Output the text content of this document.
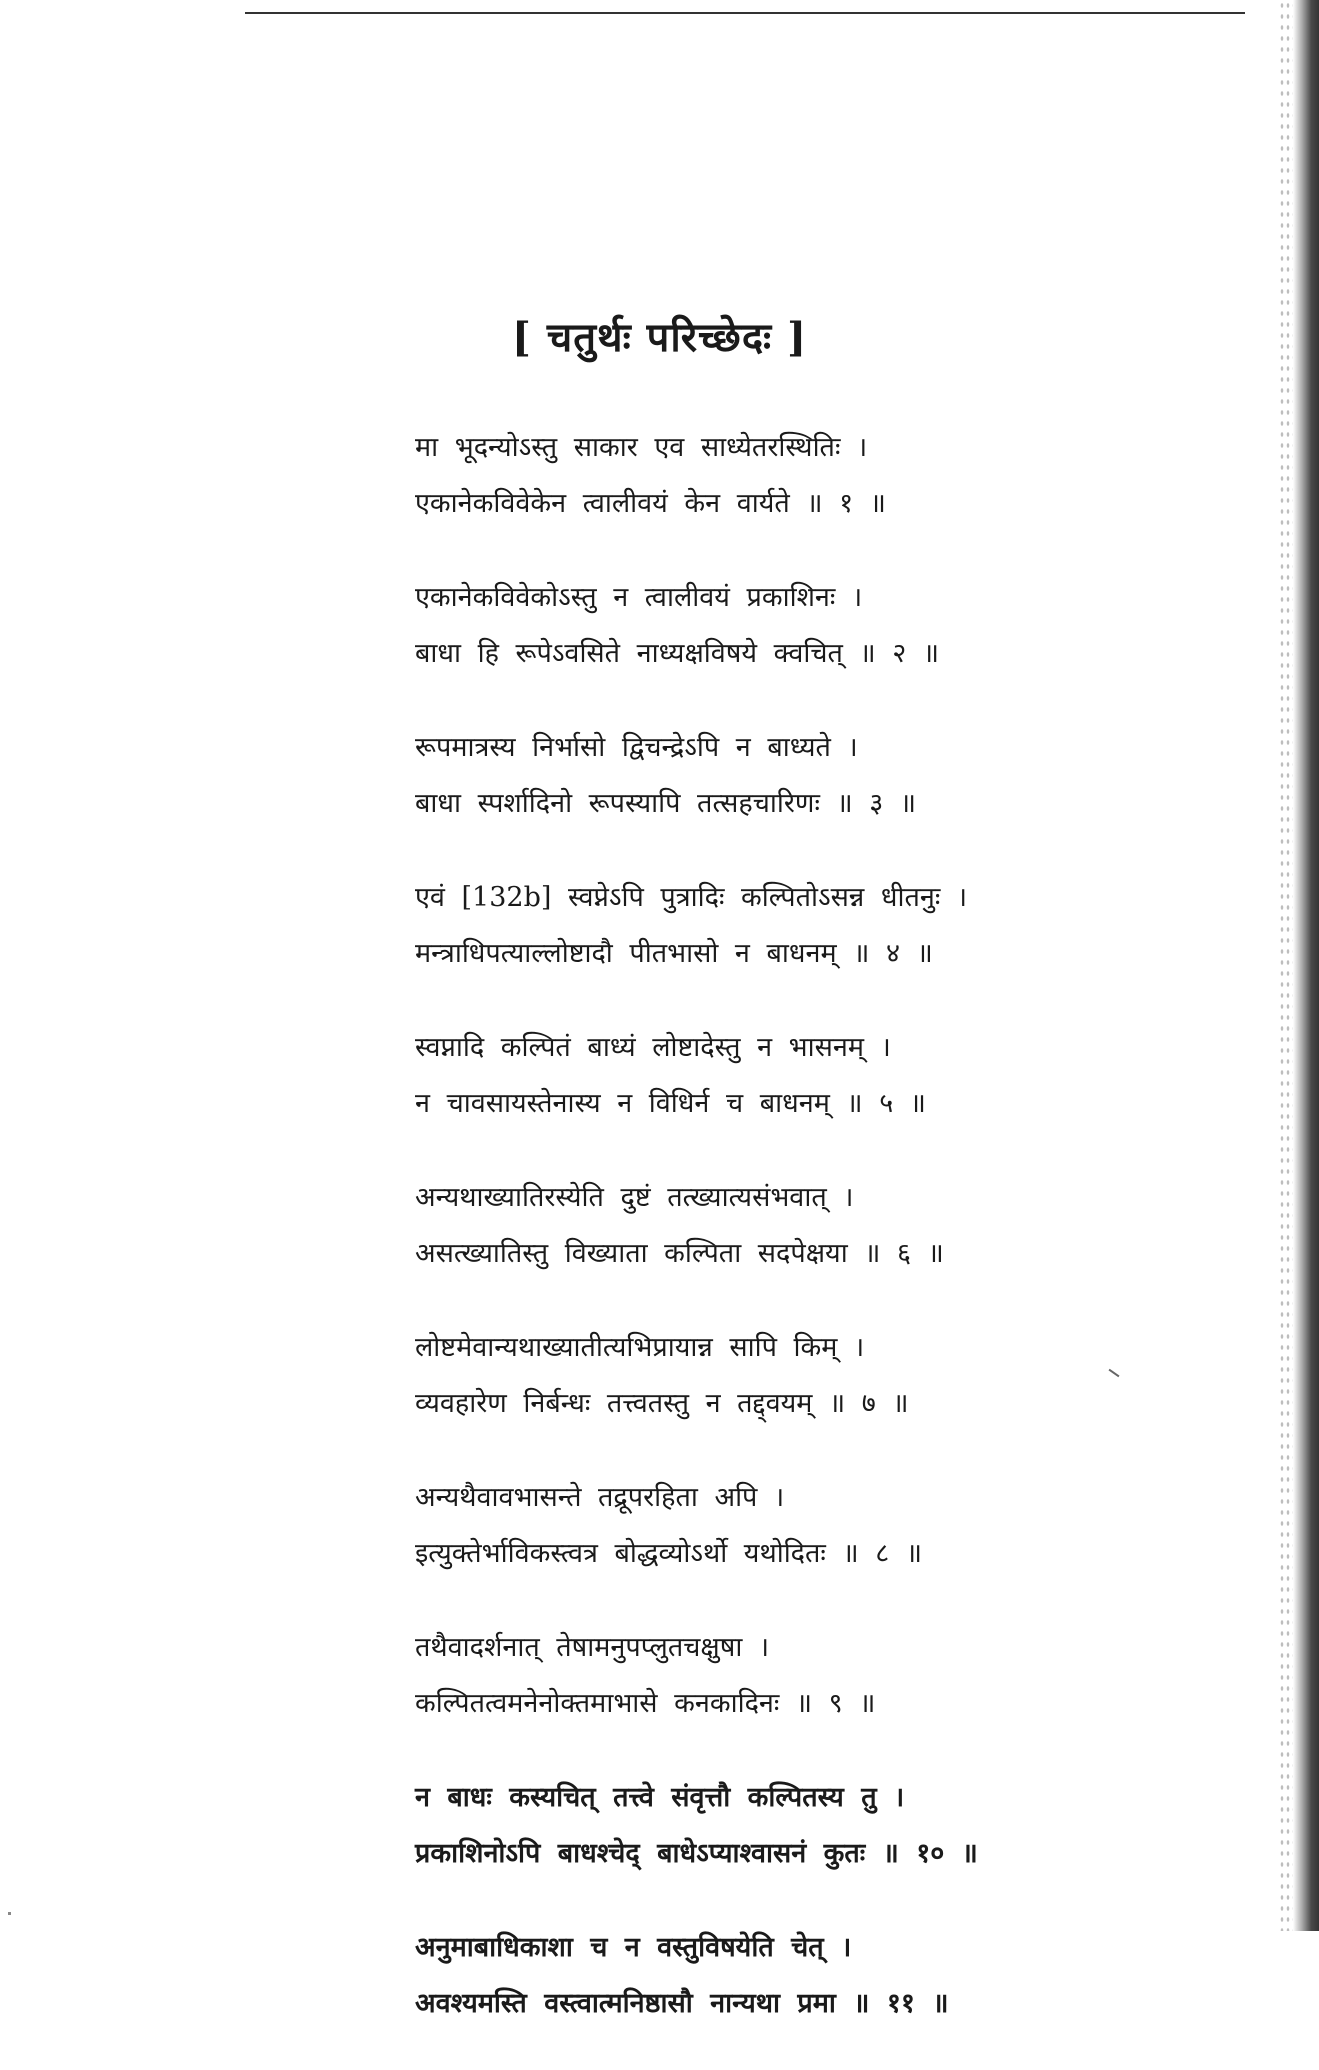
[ चतुर्थः परिच्छेदः ]
मा भूदन्योऽस्तु साकार एव साध्येतरस्थितिः ।
एकानेकविवेकेन त्वालीवयं केन वार्यते ॥ १ ॥
एकानेकविवेकोऽस्तु न त्वालीवयं प्रकाशिनः ।
बाधा हि रूपेऽवसिते नाध्यक्षविषये क्वचित् ॥ २ ॥
रूपमात्रस्य निर्भासो द्विचन्द्रेऽपि न बाध्यते ।
बाधा स्पर्शादिनो रूपस्यापि तत्सहचारिणः ॥ ३ ॥
एवं [132b] स्वप्नेऽपि पुत्रादिः कल्पितोऽसन्न धीतनुः ।
मन्त्राधिपत्याल्लोष्टादौ पीतभासो न बाधनम् ॥ ४ ॥
स्वप्नादि कल्पितं बाध्यं लोष्टादेस्तु न भासनम् ।
न चावसायस्तेनास्य न विधिर्न च बाधनम् ॥ ५ ॥
अन्यथाख्यातिरस्येति दुष्टं तत्ख्यात्यसंभवात् ।
असत्ख्यातिस्तु विख्याता कल्पिता सदपेक्षया ॥ ६ ॥
लोष्टमेवान्यथाख्यातीत्यभिप्रायान्न सापि किम् ।
व्यवहारेण निर्बन्धः तत्त्वतस्तु न तद्द्वयम् ॥ ७ ॥
अन्यथैवावभासन्ते तद्रूपरहिता अपि ।
इत्युक्तेर्भाविकस्त्वत्र बोद्धव्योऽर्थो यथोदितः ॥ ८ ॥
तथैवादर्शनात् तेषामनुपप्लुतचक्षुषा ।
कल्पितत्वमनेनोक्तमाभासे कनकादिनः ॥ ९ ॥
न बाधः कस्यचित् तत्त्वे संवृत्तौ कल्पितस्य तु ।
प्रकाशिनोऽपि बाधश्चेद् बाधेऽप्याश्वासनं कुतः ॥ १० ॥
अनुमाबाधिकाशा च न वस्तुविषयेति चेत् ।
अवश्यमस्ति वस्त्वात्मनिष्ठासौ नान्यथा प्रमा ॥ ११ ॥
